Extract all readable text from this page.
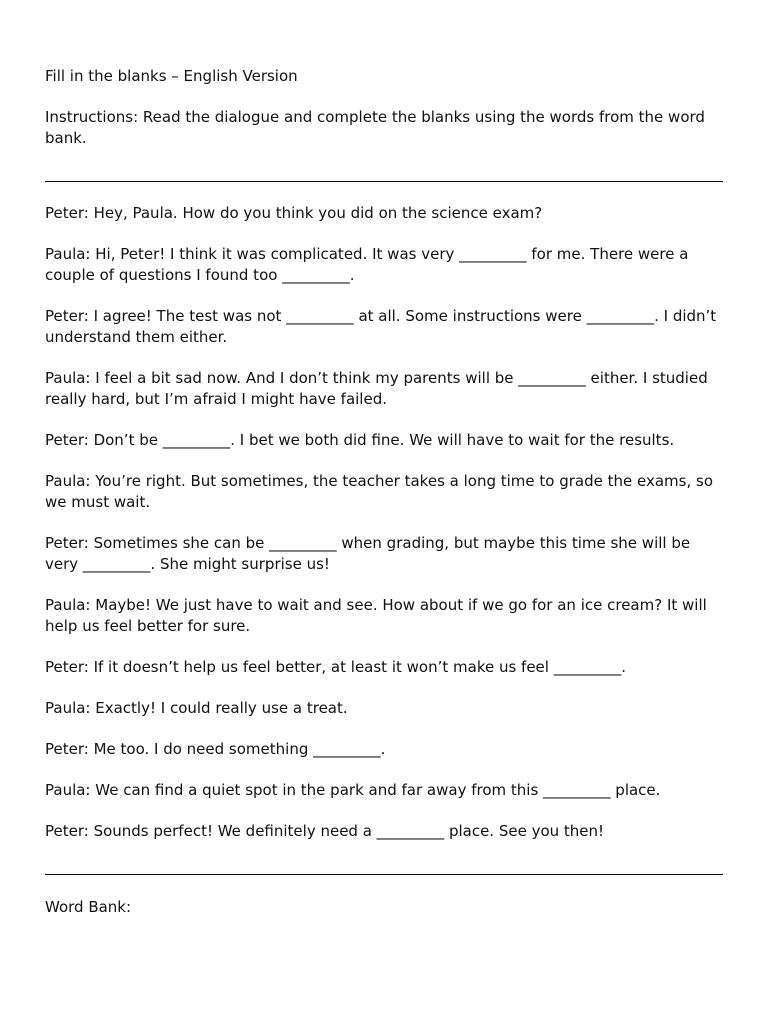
Fill in the blanks – English Version

Instructions: Read the dialogue and complete the blanks using the words from the word bank.

Peter: Hey, Paula. How do you think you did on the science exam?

Paula: Hi, Peter! I think it was complicated. It was very _________ for me. There were a couple of questions I found too _________.

Peter: I agree! The test was not _________ at all. Some instructions were _________. I didn’t understand them either.

Paula: I feel a bit sad now. And I don’t think my parents will be _________ either. I studied really hard, but I’m afraid I might have failed.

Peter: Don’t be _________. I bet we both did fine. We will have to wait for the results.

Paula: You’re right. But sometimes, the teacher takes a long time to grade the exams, so we must wait.

Peter: Sometimes she can be _________ when grading, but maybe this time she will be very _________. She might surprise us!

Paula: Maybe! We just have to wait and see. How about if we go for an ice cream? It will help us feel better for sure.

Peter: If it doesn’t help us feel better, at least it won’t make us feel _________.

Paula: Exactly! I could really use a treat.

Peter: Me too. I do need something _________.

Paula: We can find a quiet spot in the park and far away from this _________ place.

Peter: Sounds perfect! We definitely need a _________ place. See you then!

Word Bank:
